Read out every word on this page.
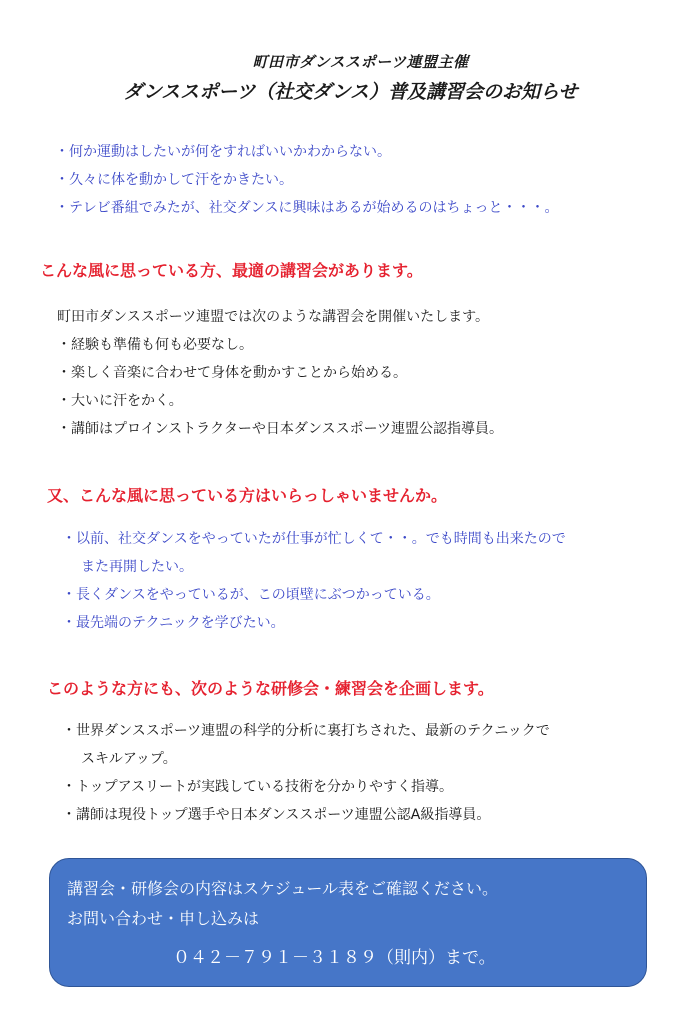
町田市ダンススポーツ連盟主催
ダンススポーツ（社交ダンス）普及講習会のお知らせ
・何か運動はしたいが何をすればいいかわからない。
・久々に体を動かして汗をかきたい。
・テレビ番組でみたが、社交ダンスに興味はあるが始めるのはちょっと・・・。
こんな風に思っている方、最適の講習会があります。
町田市ダンススポーツ連盟では次のような講習会を開催いたします。
・経験も準備も何も必要なし。
・楽しく音楽に合わせて身体を動かすことから始める。
・大いに汗をかく。
・講師はプロインストラクターや日本ダンススポーツ連盟公認指導員。
又、こんな風に思っている方はいらっしゃいませんか。
・以前、社交ダンスをやっていたが仕事が忙しくて・・。でも時間も出来たので
また再開したい。
・長くダンスをやっているが、この頃壁にぶつかっている。
・最先端のテクニックを学びたい。
このような方にも、次のような研修会・練習会を企画します。
・世界ダンススポーツ連盟の科学的分析に裏打ちされた、最新のテクニックで
スキルアップ。
・トップアスリートが実践している技術を分かりやすく指導。
・講師は現役トップ選手や日本ダンススポーツ連盟公認A級指導員。
講習会・研修会の内容はスケジュール表をご確認ください。
お問い合わせ・申し込みは
０４２－７９１－３１８９（則内）まで。
